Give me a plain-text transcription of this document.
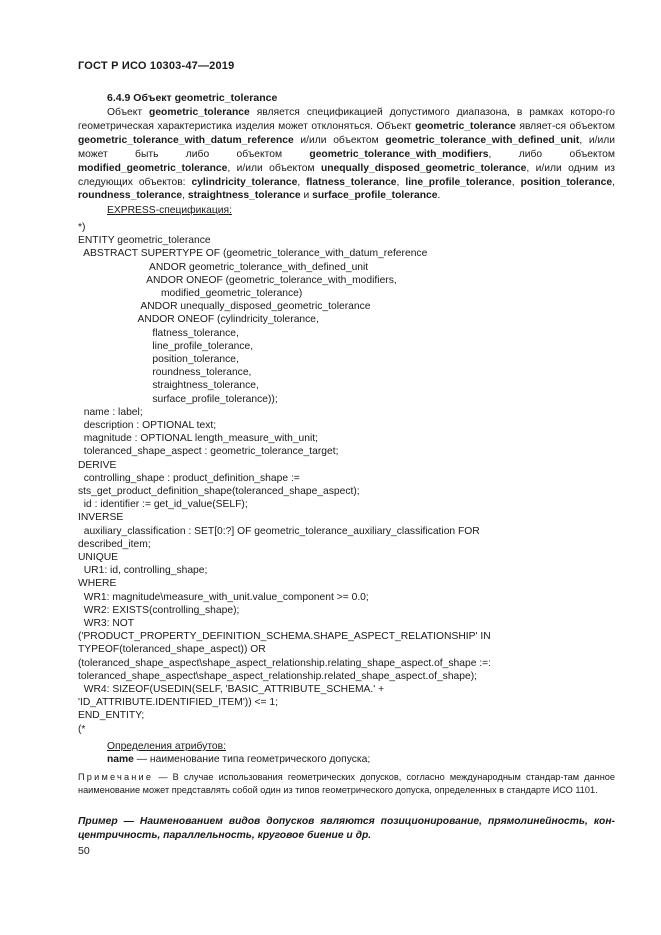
ГОСТ Р ИСО 10303-47—2019
6.4.9 Объект geometric_tolerance
Объект geometric_tolerance является спецификацией допустимого диапазона, в рамках которо-го геометрическая характеристика изделия может отклоняться. Объект geometric_tolerance являет-ся объектом geometric_tolerance_with_datum_reference и/или объектом geometric_tolerance_with_defined_unit, и/или может быть либо объектом geometric_tolerance_with_modifiers, либо объектом modified_geometric_tolerance, и/или объектом unequally_disposed_geometric_tolerance, и/или одним из следующих объектов: cylindricity_tolerance, flatness_tolerance, line_profile_tolerance, position_tolerance, roundness_tolerance, straightness_tolerance и surface_profile_tolerance.
EXPRESS-спецификация:
*)
ENTITY geometric_tolerance
ABSTRACT SUPERTYPE OF (geometric_tolerance_with_datum_reference
ANDOR geometric_tolerance_with_defined_unit
ANDOR ONEOF (geometric_tolerance_with_modifiers,
modified_geometric_tolerance)
ANDOR unequally_disposed_geometric_tolerance
ANDOR ONEOF (cylindricity_tolerance,
flatness_tolerance,
line_profile_tolerance,
position_tolerance,
roundness_tolerance,
straightness_tolerance,
surface_profile_tolerance));
name : label;
description : OPTIONAL text;
magnitude : OPTIONAL length_measure_with_unit;
toleranced_shape_aspect : geometric_tolerance_target;
DERIVE
controlling_shape : product_definition_shape :=
sts_get_product_definition_shape(toleranced_shape_aspect);
id : identifier := get_id_value(SELF);
INVERSE
auxiliary_classification : SET[0:?] OF geometric_tolerance_auxiliary_classification FOR
described_item;
UNIQUE
UR1: id, controlling_shape;
WHERE
WR1: magnitude\measure_with_unit.value_component >= 0.0;
WR2: EXISTS(controlling_shape);
WR3: NOT
('PRODUCT_PROPERTY_DEFINITION_SCHEMA.SHAPE_ASPECT_RELATIONSHIP' IN
TYPEOF(toleranced_shape_aspect)) OR
(toleranced_shape_aspect\shape_aspect_relationship.relating_shape_aspect.of_shape :=:
toleranced_shape_aspect\shape_aspect_relationship.related_shape_aspect.of_shape);
WR4: SIZEOF(USEDIN(SELF, 'BASIC_ATTRIBUTE_SCHEMA.' +
'ID_ATTRIBUTE.IDENTIFIED_ITEM')) <= 1;
END_ENTITY;
(*
Определения атрибутов:
name — наименование типа геометрического допуска;
Примечание — В случае использования геометрических допусков, согласно международным стандар-там данное наименование может представлять собой один из типов геометрического допуска, определенных в стандарте ИСО 1101.
Пример — Наименованием видов допусков являются позиционирование, прямолинейность, кон-центричность, параллельность, круговое биение и др.
50
